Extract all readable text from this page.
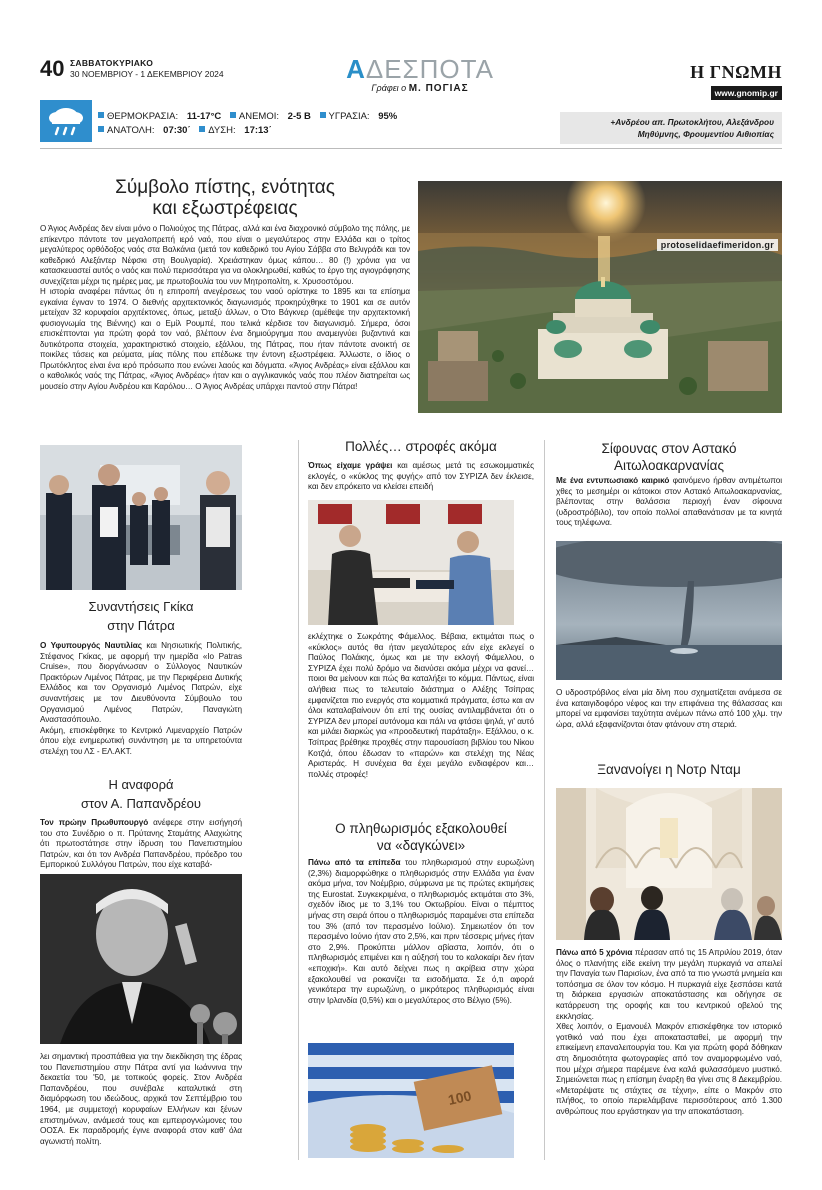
40 ΣΑΒΒΑΤΟΚΥΡΙΑΚΟ
30 ΝΟΕΜΒΡΙΟΥ - 1 ΔΕΚΕΜΒΡΙΟΥ 2024	ΑΔΕΣΠΟΤΑ
Γράφει ο Μ. ΠΟΓΙΑΣ
Η ΓΝΩΜΗ
www.gnomip.gr
ΘΕΡΜΟΚΡΑΣΙΑ: 11-17°C ΑΝΕΜΟΙ: 2-5 Β ΥΓΡΑΣΙΑ: 95%
ΑΝΑΤΟΛΗ: 07:30΄ ΔΥΣΗ: 17:13΄
+Ανδρέου απ. Πρωτοκλήτου, Αλεξάνδρου
Μηθύμνης, Φρουμεντίου Αιθιοπίας
Σύμβολο πίστης, ενότητας
και εξωστρέφειας

Ο Άγιος Ανδρέας δεν είναι μόνο ο Πολιούχος της Πάτρας, αλλά και ένα διαχρονικό σύμβολο της πόλης, με επίκεντρο πάντοτε τον μεγαλοπρεπή ιερό ναό, που είναι ο μεγαλύτερος στην Ελλάδα και ο τρίτος μεγαλύτερος ορθόδοξος ναός στα Βαλκάνια (μετά τον καθεδρικό του Αγίου Σάββα στο Βελιγράδι και τον καθεδρικό Αλεξάντερ Νέφσκι στη Βουλγαρία). Χρειάστηκαν όμως κάπου… 80 (!) χρόνια για να κατασκευαστεί αυτός ο ναός και πολύ περισσότερα για να ολοκληρωθεί, καθώς το έργο της αγιογράφησης συνεχίζεται μέχρι τις ημέρες μας, με πρωτοβουλία του νυν Μητροπολίτη, κ. Χρυσοστόμου.

Η ιστορία αναφέρει πάντως ότι η επιτροπή ανεγέρσεως του ναού ορίστηκε το 1895 και τα επίσημα εγκαίνια έγιναν το 1974. Ο διεθνής αρχιτεκτονικός διαγωνισμός προκηρύχθηκε το 1901 και σε αυτόν μετείχαν 32 κορυφαίοι αρχιτέκτονες, όπως, μεταξύ άλλων, ο Ότο Βάγκνερ (αμέθεψε την αρχιτεκτονική φυσιογνωμία της Βιέννης) και ο Εμίλ Ρουμπέ, που τελικά κέρδισε τον διαγωνισμό. Σήμερα, όσοι επισκέπτονται για πρώτη φορά τον ναό, βλέπουν ένα δημιούργημα που αναμειγνύει βυζαντινά και δυτικότροπα στοιχεία, χαρακτηριστικό στοιχείο, εξάλλου, της Πάτρας, που ήταν πάντοτε ανοικτή σε ποικίλες τάσεις και ρεύματα, μίας πόλης που επέδωκε την έντονη εξωστρέφεια. Άλλωστε, ο ίδιος ο Πρωτόκλητος είναι ένα ιερό πρόσωπο που ενώνει λαούς και δόγματα. «Άγιος Ανδρέας» είναι εξάλλου και ο καθολικός ναός της Πάτρας, «Άγιος Ανδρέας» ήταν και ο αγγλικανικός ναός που πλέον διατηρείται ως μουσείο στην Αγίου Ανδρέου και Καρόλου… Ο Άγιος Ανδρέας υπάρχει παντού στην Πάτρα!

protoselidaefimeridon.gr
Συναντήσεις Γκίκα
στην Πάτρα

Ο Υφυπουργός Ναυτιλίας και Νησιωτικής Πολιτικής, Στέφανος Γκίκας, με αφορμή την ημερίδα «Ιο Patras Cruise», που διοργάνωσαν ο Σύλλογος Ναυτικών Πρακτόρων Λιμένος Πάτρας, με την Περιφέρεια Δυτικής Ελλάδος και τον Οργανισμό Λιμένος Πατρών, είχε συναντήσεις με τον Διευθύνοντα Σύμβουλο του Οργανισμού Λιμένος Πατρών, Παναγιώτη Αναστασόπουλο.

Ακόμη, επισκέφθηκε το Κεντρικό Λιμεναρχείο Πατρών όπου είχε ενημερωτική συνάντηση με τα υπηρετούντα στελέχη του ΛΣ - ΕΛ.ΑΚΤ.

Η αναφορά
στον Α. Παπανδρέου

Τον πρώην Πρωθυπουργό ανέφερε στην εισήγησή του στο Συνέδριο ο π. Πρύτανης Σταμάτης Αλαχιώτης ότι πρωτοστάτησε στην ίδρυση του Πανεπιστημίου Πατρών, και ότι τον Ανδρέα Παπανδρέου, πρόεδρο του Εμπορικού Συλλόγου Πατρών, που είχε καταβά-

λει σημαντική προσπάθεια για την διεκδίκηση της έδρας του Πανεπιστημίου στην Πάτρα αντί για Ιωάννινα την δεκαετία του '50, με τοπικούς φορείς. Στον Ανδρέα Παπανδρέου, που συνέβαλε καταλυτικά στη διαμόρφωση του ιδεώδους, αρχικά τον Σεπτέμβριο του 1964, με συμμετοχή κορυφαίων Ελλήνων και ξένων επιστημόνων, ανάμεσά τους και εμπειρογνώμονες του ΟΟΣΑ. Εκ παραδρομής έγινε αναφορά στον καθ' όλα αγωνιστή πολίτη.

Πολλές… στροφές ακόμα

Όπως είχαμε γράψει και αμέσως μετά τις εσωκομματικές εκλογές, ο «κύκλος της φυγής» από τον ΣΥΡΙΖΑ δεν έκλεισε, και δεν επρόκειτο να κλείσει επειδή

εκλέχτηκε ο Σωκράτης Φάμελλος. Βέβαια, εκτιμάται πως ο «κύκλος» αυτός θα ήταν μεγαλύτερος εάν είχε εκλεγεί ο Παύλος Πολάκης, όμως και με την εκλογή Φάμελλου, ο ΣΥΡΙΖΑ έχει πολύ δρόμο να διανύσει ακόμα μέχρι να φανεί… ποιοι θα μείνουν και πώς θα καταλήξει το κόμμα. Πάντως, είναι αλήθεια πως το τελευταίο διάστημα ο Αλέξης Τσίπρας εμφανίζεται πιο ενεργός στα κομματικά πράγματα, έστω και αν όλοι καταλαβαίνουν ότι επί της ουσίας αντιλαμβάνεται ότι ο ΣΥΡΙΖΑ δεν μπορεί αυτόνομα και πάλι να φτάσει ψηλά, γι' αυτό και μιλάει διαρκώς για «προοδευτική παράταξη». Εξάλλου, ο κ. Τσίπρας βρέθηκε προχθές στην παρουσίαση βιβλίου του Νίκου Κοτζιά, όπου έδωσαν το «παρών» και στελέχη της Νέας Αριστεράς. Η συνέχεια θα έχει μεγάλο ενδιαφέρον και… πολλές στροφές!

Ο πληθωρισμός εξακολουθεί
να «δαγκώνει»

Πάνω από τα επίπεδα του πληθωρισμού στην ευρωζώνη (2,3%) διαμορφώθηκε ο πληθωρισμός στην Ελλάδα για έναν ακόμα μήνα, τον Νοέμβριο, σύμφωνα με τις πρώτες εκτιμήσεις της Eurostat. Συγκεκριμένα, ο πληθωρισμός εκτιμάται στο 3%, σχεδόν ίδιος με το 3,1% του Οκτωβρίου. Είναι ο πέμπτος μήνας στη σειρά όπου ο πληθωρισμός παραμένει στα επίπεδα του 3% (από τον περασμένο Ιούλιο). Σημειωτέον ότι τον περασμένο Ιούνιο ήταν στο 2,5%, και πριν τέσσερις μήνες ήταν στο 2,9%. Προκύπτει μάλλον αβίαστα, λοιπόν, ότι ο πληθωρισμός επιμένει και η αύξησή του το καλοκαίρι δεν ήταν «εποχική». Και αυτό δείχνει πως η ακρίβεια στην χώρα εξακολουθεί να ροκανίζει τα εισοδήματα. Σε ό,τι αφορά γενικότερα την ευρωζώνη, ο μικρότερος πληθωρισμός είναι στην Ιρλανδία (0,5%) και ο μεγαλύτερος στο Βέλγιο (5%).

100
Σίφουνας στον Αστακό
Αιτωλοακαρνανίας

Με ένα εντυπωσιακό καιρικό φαινόμενο ήρθαν αντιμέτωποι χθες το μεσημέρι οι κάτοικοι στον Αστακό Αιτωλοακαρνανίας, βλέποντας στην θαλάσσια περιοχή έναν σίφουνα (υδροστρόβιλο), τον οποίο πολλοί απαθανάτισαν με τα κινητά τους τηλέφωνα.

Ο υδροστρόβιλος είναι μία δίνη που σχηματίζεται ανάμεσα σε ένα καταιγιδοφόρο νέφος και την επιφάνεια της θάλασσας και μπορεί να εμφανίσει ταχύτητα ανέμων πάνω από 100 χλμ. την ώρα, αλλά εξαφανίζονται όταν φτάνουν στη στεριά.

Ξανανοίγει η Νοτρ Νταμ

Πάνω από 5 χρόνια πέρασαν από τις 15 Απριλίου 2019, όταν όλος ο πλανήτης είδε εκείνη την μεγάλη πυρκαγιά να απειλεί την Παναγία των Παρισίων, ένα από τα πιο γνωστά μνημεία και τοπόσημα σε όλον τον κόσμο. Η πυρκαγιά είχε ξεσπάσει κατά τη διάρκεια εργασιών αποκατάστασης και οδήγησε σε κατάρρευση της οροφής και του κεντρικού οβελού της εκκλησίας.

Χθες λοιπόν, ο Εμανουέλ Μακρόν επισκέφθηκε τον ιστορικό γοτθικό ναό που έχει αποκατασταθεί, με αφορμή την επικείμενη επαναλειτουργία του. Και για πρώτη φορά δόθηκαν στη δημοσιότητα φωτογραφίες από τον αναμορφωμένο ναό, που μέχρι σήμερα παρέμενε ένα καλά φυλασσόμενο μυστικό. Σημειώνεται πως η επίσημη έναρξη θα γίνει στις 8 Δεκεμβρίου. «Μεταρέψατε τις στάχτες σε τέχνη», είπε ο Μακρόν στο πλήθος, το οποίο περιελάμβανε περισσότερους από 1.300 ανθρώπους που εργάστηκαν για την αποκατάσταση.
